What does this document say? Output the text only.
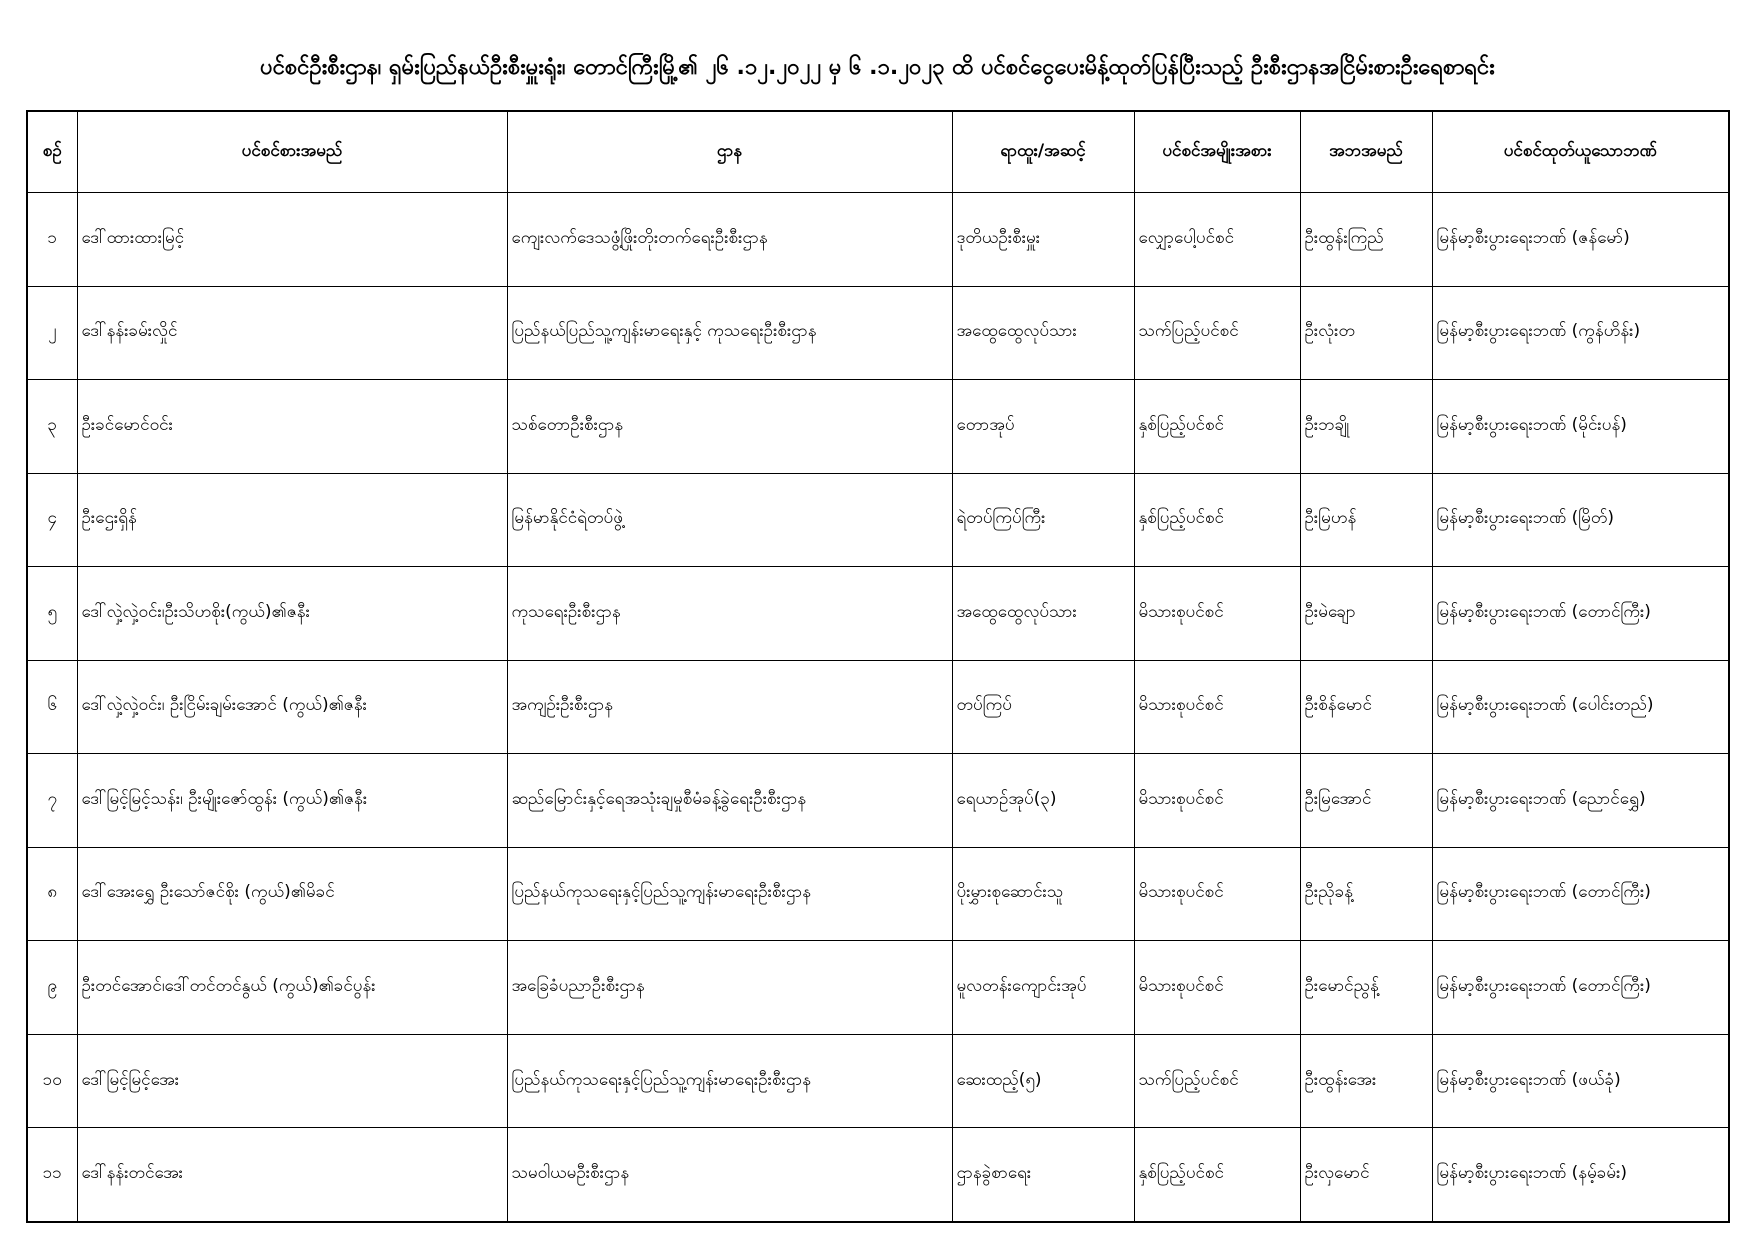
ပင်စင်ဦးစီးဌာန၊ ရှမ်းပြည်နယ်ဦးစီးမှူးရုံး၊ တောင်ကြီးမြို့၏ ၂၆ .၁၂.၂၀၂၂ မှ ၆ .၁.၂၀၂၃ ထိ ပင်စင်ငွေပေးမိန့်ထုတ်ပြန်ပြီးသည့် ဦးစီးဌာနအငြိမ်းစားဦးရေစာရင်း
စဉ်	ပင်စင်စားအမည်	ဌာန	ရာထူး/အဆင့်	ပင်စင်အမျိုးအစား	အဘအမည်	ပင်စင်ထုတ်ယူသောဘဏ်
၁	ဒေါ်ထားထားမြင့်	ကျေးလက်ဒေသဖွံ့ဖြိုးတိုးတက်ရေးဦးစီးဌာန	ဒုတိယဦးစီးမှူး	လျှော့ပေါ့ပင်စင်	ဦးထွန်းကြည်	မြန်မာ့စီးပွားရေးဘဏ် (ဇန်မော်)
၂	ဒေါ်နန်းခမ်းလှိုင်	ပြည်နယ်ပြည်သူ့ကျန်းမာရေးနှင့် ကုသရေးဦးစီးဌာန	အထွေထွေလုပ်သား	သက်ပြည့်ပင်စင်	ဦးလုံးတ	မြန်မာ့စီးပွားရေးဘဏ် (ကွန်ဟိန်း)
၃	ဦးခင်မောင်ဝင်း	သစ်တောဦးစီးဌာန	တောအုပ်	နှစ်ပြည့်ပင်စင်	ဦးဘချို	မြန်မာ့စီးပွားရေးဘဏ် (မိုင်းပန်)
၄	ဦးဌေးရှိန်	မြန်မာနိုင်ငံရဲတပ်ဖွဲ့	ရဲတပ်ကြပ်ကြီး	နှစ်ပြည့်ပင်စင်	ဦးမြဟန်	မြန်မာ့စီးပွားရေးဘဏ် (မြိတ်)
၅	ဒေါ်လှဲ့လှဲ့ဝင်း၊ဦးသိဟစိုး(ကွယ်)၏ဇနီး	ကုသရေးဦးစီးဌာန	အထွေထွေလုပ်သား	မိသားစုပင်စင်	ဦးမဲချော	မြန်မာ့စီးပွားရေးဘဏ် (တောင်ကြီး)
၆	ဒေါ်လှဲ့လှဲ့ဝင်း၊ ဦးငြိမ်းချမ်းအောင် (ကွယ်)၏ဇနီး	အကျဉ်းဦးစီးဌာန	တပ်ကြပ်	မိသားစုပင်စင်	ဦးစိန်မောင်	မြန်မာ့စီးပွားရေးဘဏ် (ပေါင်းတည်)
၇	ဒေါ်မြင့်မြင့်သန်း၊ ဦးမျိုးဇော်ထွန်း (ကွယ်)၏ဇနီး	ဆည်မြောင်းနှင့်ရေအသုံးချမှုစီမံခန့်ခွဲရေးဦးစီးဌာန	ရေယာဉ်အုပ်(၃)	မိသားစုပင်စင်	ဦးမြအောင်	မြန်မာ့စီးပွားရေးဘဏ် (ညောင်ရွှေ)
၈	ဒေါ်အေးရွှေ ဦးသော်ဇင်စိုး (ကွယ်)၏မိခင်	ပြည်နယ်ကုသရေးနှင့်ပြည်သူ့ကျန်းမာရေးဦးစီးဌာန	ပိုးမွှားစုဆောင်းသူ	မိသားစုပင်စင်	ဦးညိုခန့်	မြန်မာ့စီးပွားရေးဘဏ် (တောင်ကြီး)
၉	ဦးတင်အောင်၊ဒေါ်တင်တင်နွယ် (ကွယ်)၏ခင်ပွန်း	အခြေခံပညာဦးစီးဌာန	မူလတန်းကျောင်းအုပ်	မိသားစုပင်စင်	ဦးမောင်ညွန့်	မြန်မာ့စီးပွားရေးဘဏ် (တောင်ကြီး)
၁၀	ဒေါ်မြင့်မြင့်အေး	ပြည်နယ်ကုသရေးနှင့်ပြည်သူ့ကျန်းမာရေးဦးစီးဌာန	ဆေးထည့်(၅)	သက်ပြည့်ပင်စင်	ဦးထွန်းအေး	မြန်မာ့စီးပွားရေးဘဏ် (ဖယ်ခုံ)
၁၁	ဒေါ်နန်းတင်အေး	သမဝါယမဦးစီးဌာန	ဌာနခွဲစာရေး	နှစ်ပြည့်ပင်စင်	ဦးလှမောင်	မြန်မာ့စီးပွားရေးဘဏ် (နမ့်ခမ်း)
